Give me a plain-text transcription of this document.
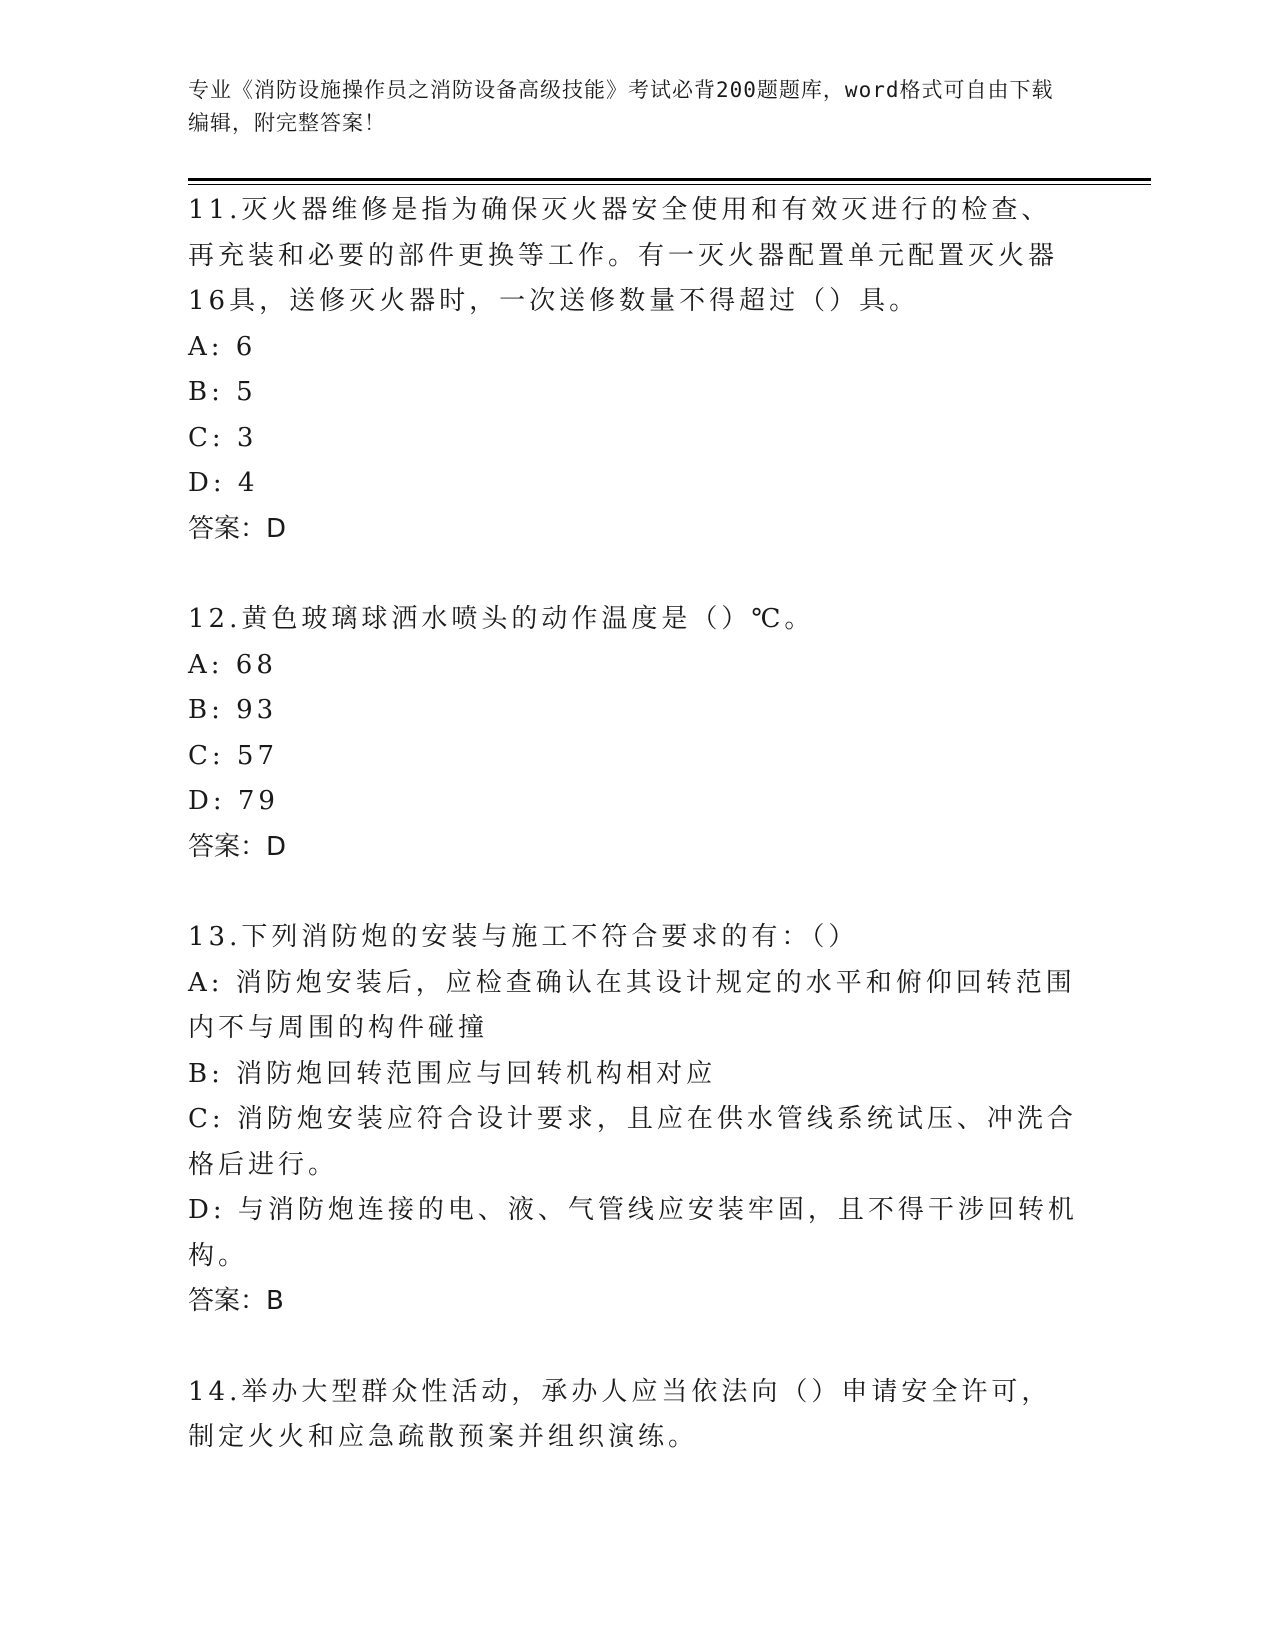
专业《消防设施操作员之消防设备高级技能》考试必背200题题库，word格式可自由下载编辑，附完整答案！

11.灭火器维修是指为确保灭火器安全使用和有效灭进行的检查、再充装和必要的部件更换等工作。有一灭火器配置单元配置灭火器16具，送修灭火器时，一次送修数量不得超过（）具。

A: 6

B: 5

C: 3

D: 4

答案：D

12.黄色玻璃球洒水喷头的动作温度是（）℃。

A: 68

B: 93

C: 57

D: 79

答案：D

13.下列消防炮的安装与施工不符合要求的有：（）

A: 消防炮安装后，应检查确认在其设计规定的水平和俯仰回转范围内不与周围的构件碰撞

B: 消防炮回转范围应与回转机构相对应

C: 消防炮安装应符合设计要求，且应在供水管线系统试压、冲洗合格后进行。

D: 与消防炮连接的电、液、气管线应安装牢固，且不得干涉回转机构。

答案：B

14.举办大型群众性活动，承办人应当依法向（）申请安全许可，制定火火和应急疏散预案并组织演练。
